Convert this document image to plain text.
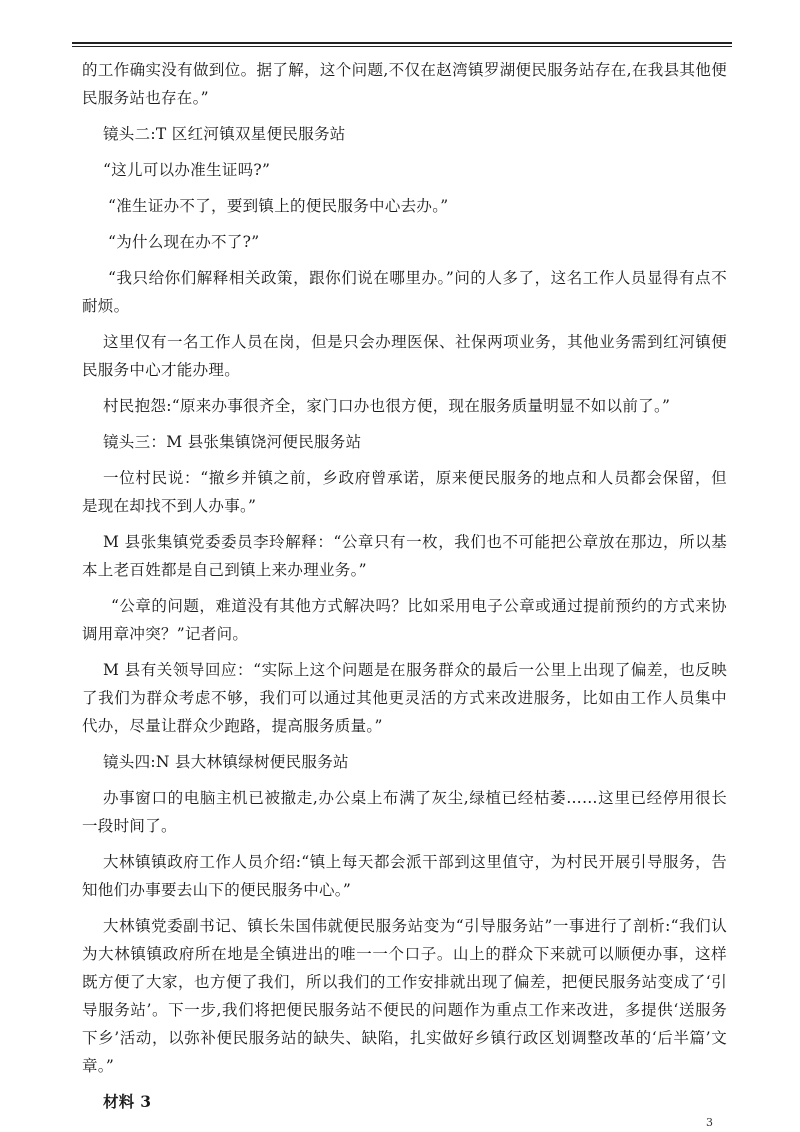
的工作确实没有做到位。据了解，这个问题,不仅在赵湾镇罗湖便民服务站存在,在我县其他便民服务站也存在。”

镜头二:T 区红河镇双星便民服务站

“这儿可以办准生证吗?”

“准生证办不了，要到镇上的便民服务中心去办。”

“为什么现在办不了?”

“我只给你们解释相关政策，跟你们说在哪里办。”问的人多了，这名工作人员显得有点不耐烦。

这里仅有一名工作人员在岗，但是只会办理医保、社保两项业务，其他业务需到红河镇便民服务中心才能办理。

村民抱怨:“原来办事很齐全，家门口办也很方便，现在服务质量明显不如以前了。”

镜头三：M 县张集镇饶河便民服务站

一位村民说：“撤乡并镇之前，乡政府曾承诺，原来便民服务的地点和人员都会保留，但是现在却找不到人办事。”

M 县张集镇党委委员李玲解释：“公章只有一枚，我们也不可能把公章放在那边，所以基本上老百姓都是自己到镇上来办理业务。”

“公章的问题，难道没有其他方式解决吗？比如采用电子公章或通过提前预约的方式来协调用章冲突？”记者问。

M 县有关领导回应：“实际上这个问题是在服务群众的最后一公里上出现了偏差，也反映了我们为群众考虑不够，我们可以通过其他更灵活的方式来改进服务，比如由工作人员集中代办，尽量让群众少跑路，提高服务质量。”

镜头四:N 县大林镇绿树便民服务站

办事窗口的电脑主机已被撤走,办公桌上布满了灰尘,绿植已经枯萎……这里已经停用很长一段时间了。

大林镇镇政府工作人员介绍:“镇上每天都会派干部到这里值守，为村民开展引导服务，告知他们办事要去山下的便民服务中心。”

大林镇党委副书记、镇长朱国伟就便民服务站变为“引导服务站”一事进行了剖析:“我们认为大林镇镇政府所在地是全镇进出的唯一一个口子。山上的群众下来就可以顺便办事，这样既方便了大家，也方便了我们，所以我们的工作安排就出现了偏差，把便民服务站变成了‘引导服务站’。下一步,我们将把便民服务站不便民的问题作为重点工作来改进，多提供‘送服务下乡’活动，以弥补便民服务站的缺失、缺陷，扎实做好乡镇行政区划调整改革的‘后半篇’文章。”

材料 3

3
